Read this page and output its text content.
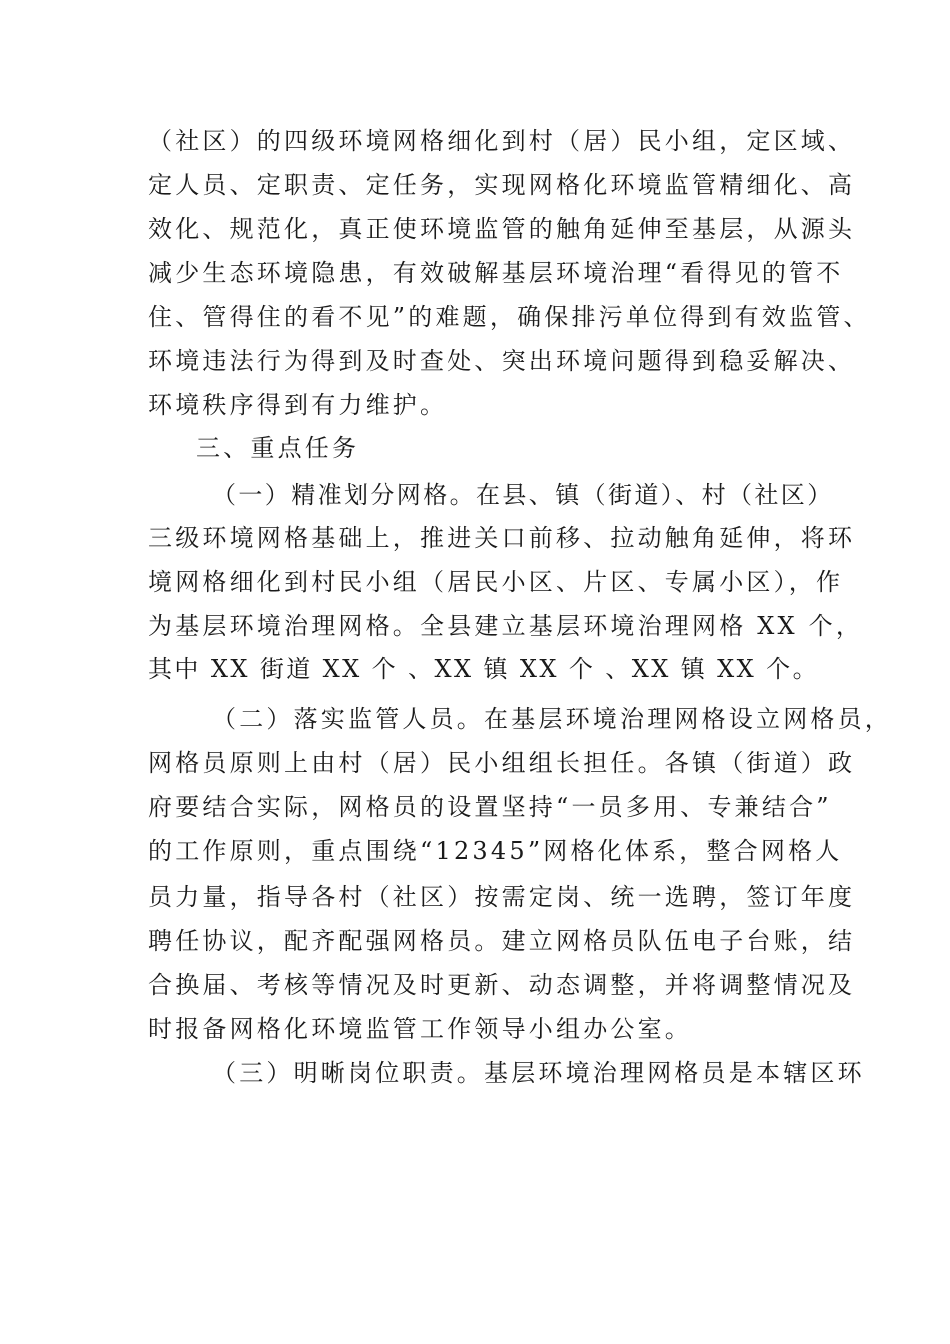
（社区）的四级环境网格细化到村（居）民小组，定区域、
定人员、定职责、定任务，实现网格化环境监管精细化、高
效化、规范化，真正使环境监管的触角延伸至基层，从源头
减少生态环境隐患，有效破解基层环境治理“看得见的管不
住、管得住的看不见”的难题，确保排污单位得到有效监管、
环境违法行为得到及时查处、突出环境问题得到稳妥解决、
环境秩序得到有力维护。
三、重点任务
（一）精准划分网格。在县、镇（街道）、村（社区）
三级环境网格基础上，推进关口前移、拉动触角延伸，将环
境网格细化到村民小组（居民小区、片区、专属小区），作
为基层环境治理网格。全县建立基层环境治理网格 XX 个，
其中 XX 街道 XX 个 、XX 镇 XX 个 、XX 镇 XX 个。
（二）落实监管人员。在基层环境治理网格设立网格员，
网格员原则上由村（居）民小组组长担任。各镇（街道）政
府要结合实际，网格员的设置坚持“一员多用、专兼结合”
的工作原则，重点围绕“12345”网格化体系，整合网格人
员力量，指导各村（社区）按需定岗、统一选聘，签订年度
聘任协议，配齐配强网格员。建立网格员队伍电子台账，结
合换届、考核等情况及时更新、动态调整，并将调整情况及
时报备网格化环境监管工作领导小组办公室。
（三）明晰岗位职责。基层环境治理网格员是本辖区环
